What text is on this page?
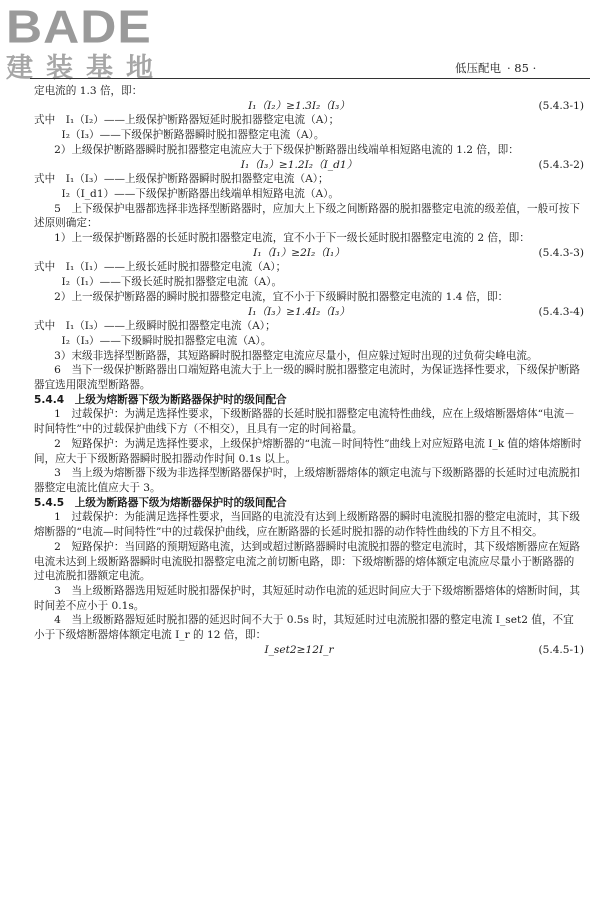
BADE
建装基地	低压配电 · 85 ·

定电流的 1.3 倍，即：

I₁（I₂）≥1.3I₂（I₃）	(5.4.3-1)

式中　I₁（I₂）——上级保护断路器短延时脱扣器整定电流（A）；

I₂（I₃）——下级保护断路器瞬时脱扣器整定电流（A）。

2）上级保护断路器瞬时脱扣器整定电流应大于下级保护断路器出线端单相短路电流的 1.2 倍，即：

I₁（I₃）≥1.2I₂（I_d1）	(5.4.3-2)

式中　I₁（I₃）——上级保护断路器瞬时脱扣器整定电流（A）；

I₂（I_d1）——下级保护断路器出线端单相短路电流（A）。

5　上下级保护电器都选择非选择型断路器时，应加大上下级之间断路器的脱扣器整定电流的级差值，一般可按下述原则确定：

1）上一级保护断路器的长延时脱扣器整定电流，宜不小于下一级长延时脱扣器整定电流的 2 倍，即：

I₁（I₁）≥2I₂（I₁）	(5.4.3-3)

式中　I₁（I₁）——上级长延时脱扣器整定电流（A）；

I₂（I₁）——下级长延时脱扣器整定电流（A）。

2）上一级保护断路器的瞬时脱扣器整定电流，宜不小于下级瞬时脱扣器整定电流的 1.4 倍，即：

I₁（I₃）≥1.4I₂（I₃）	(5.4.3-4)

式中　I₁（I₃）——上级瞬时脱扣器整定电流（A）；

I₂（I₃）——下级瞬时脱扣器整定电流（A）。

3）末级非选择型断路器，其短路瞬时脱扣器整定电流应尽量小，但应躲过短时出现的过负荷尖峰电流。

6　当下一级保护断路器出口端短路电流大于上一级的瞬时脱扣器整定电流时，为保证选择性要求，下级保护断路器宜选用限流型断路器。

5.4.4　上级为熔断器下级为断路器保护时的级间配合

1　过载保护：为满足选择性要求，下级断路器的长延时脱扣器整定电流特性曲线，应在上级熔断器熔体“电流－时间特性”中的过载保护曲线下方（不相交），且具有一定的时间裕量。

2　短路保护：为满足选择性要求，上级保护熔断器的“电流－时间特性”曲线上对应短路电流 I_k 值的熔体熔断时间，应大于下级断路器瞬时脱扣器动作时间 0.1s 以上。

3　当上级为熔断器下级为非选择型断路器保护时，上级熔断器熔体的额定电流与下级断路器的长延时过电流脱扣器整定电流比值应大于 3。

5.4.5　上级为断路器下级为熔断器保护时的级间配合

1　过载保护：为能满足选择性要求，当回路的电流没有达到上级断路器的瞬时电流脱扣器的整定电流时，其下级熔断器的“电流—时间特性”中的过载保护曲线，应在断路器的长延时脱扣器的动作特性曲线的下方且不相交。

2　短路保护：当回路的预期短路电流，达到或超过断路器瞬时电流脱扣器的整定电流时，其下级熔断器应在短路电流未达到上级断路器瞬时电流脱扣器整定电流之前切断电路，即：下级熔断器的熔体额定电流应尽量小于断路器的过电流脱扣器额定电流。

3　当上级断路器选用短延时脱扣器保护时，其短延时动作电流的延迟时间应大于下级熔断器熔体的熔断时间，其时间差不应小于 0.1s。

4　当上级断路器短延时脱扣器的延迟时间不大于 0.5s 时，其短延时过电流脱扣器的整定电流 I_set2 值，不宜小于下级熔断器熔体额定电流 I_r 的 12 倍，即：

I_set2≥12I_r	(5.4.5-1)
